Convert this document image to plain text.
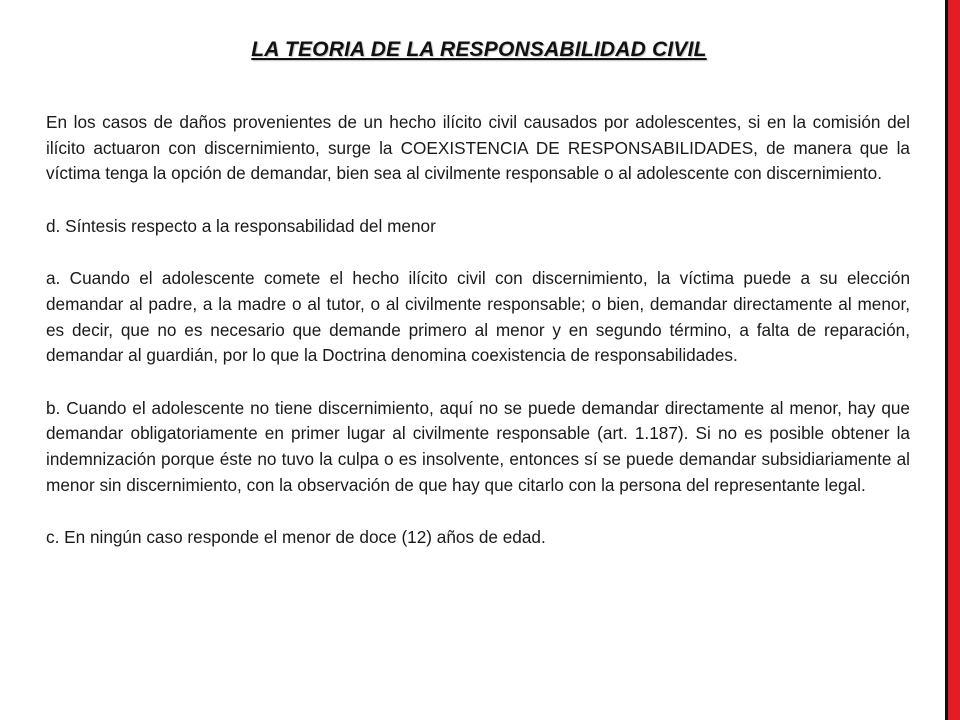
LA TEORIA DE LA RESPONSABILIDAD CIVIL

En los casos de daños provenientes de un hecho ilícito civil causados por adolescentes, si en la comisión del ilícito actuaron con discernimiento, surge la COEXISTENCIA DE RESPONSABILIDADES, de manera que la víctima tenga la opción de demandar, bien sea al civilmente responsable o al adolescente con discernimiento.

d. Síntesis respecto a la responsabilidad del menor

a. Cuando el adolescente comete el hecho ilícito civil con discernimiento, la víctima puede a su elección demandar al padre, a la madre o al tutor, o al civilmente responsable; o bien, demandar directamente al menor, es decir, que no es necesario que demande primero al menor y en segundo término, a falta de reparación, demandar al guardián, por lo que la Doctrina denomina coexistencia de responsabilidades.

b. Cuando el adolescente no tiene discernimiento, aquí no se puede demandar directamente al menor, hay que demandar obligatoriamente en primer lugar al civilmente responsable (art. 1.187). Si no es posible obtener la indemnización porque éste no tuvo la culpa o es insolvente, entonces sí se puede demandar subsidiariamente al menor sin discernimiento, con la observación de que hay que citarlo con la persona del representante legal.

c. En ningún caso responde el menor de doce (12) años de edad.
